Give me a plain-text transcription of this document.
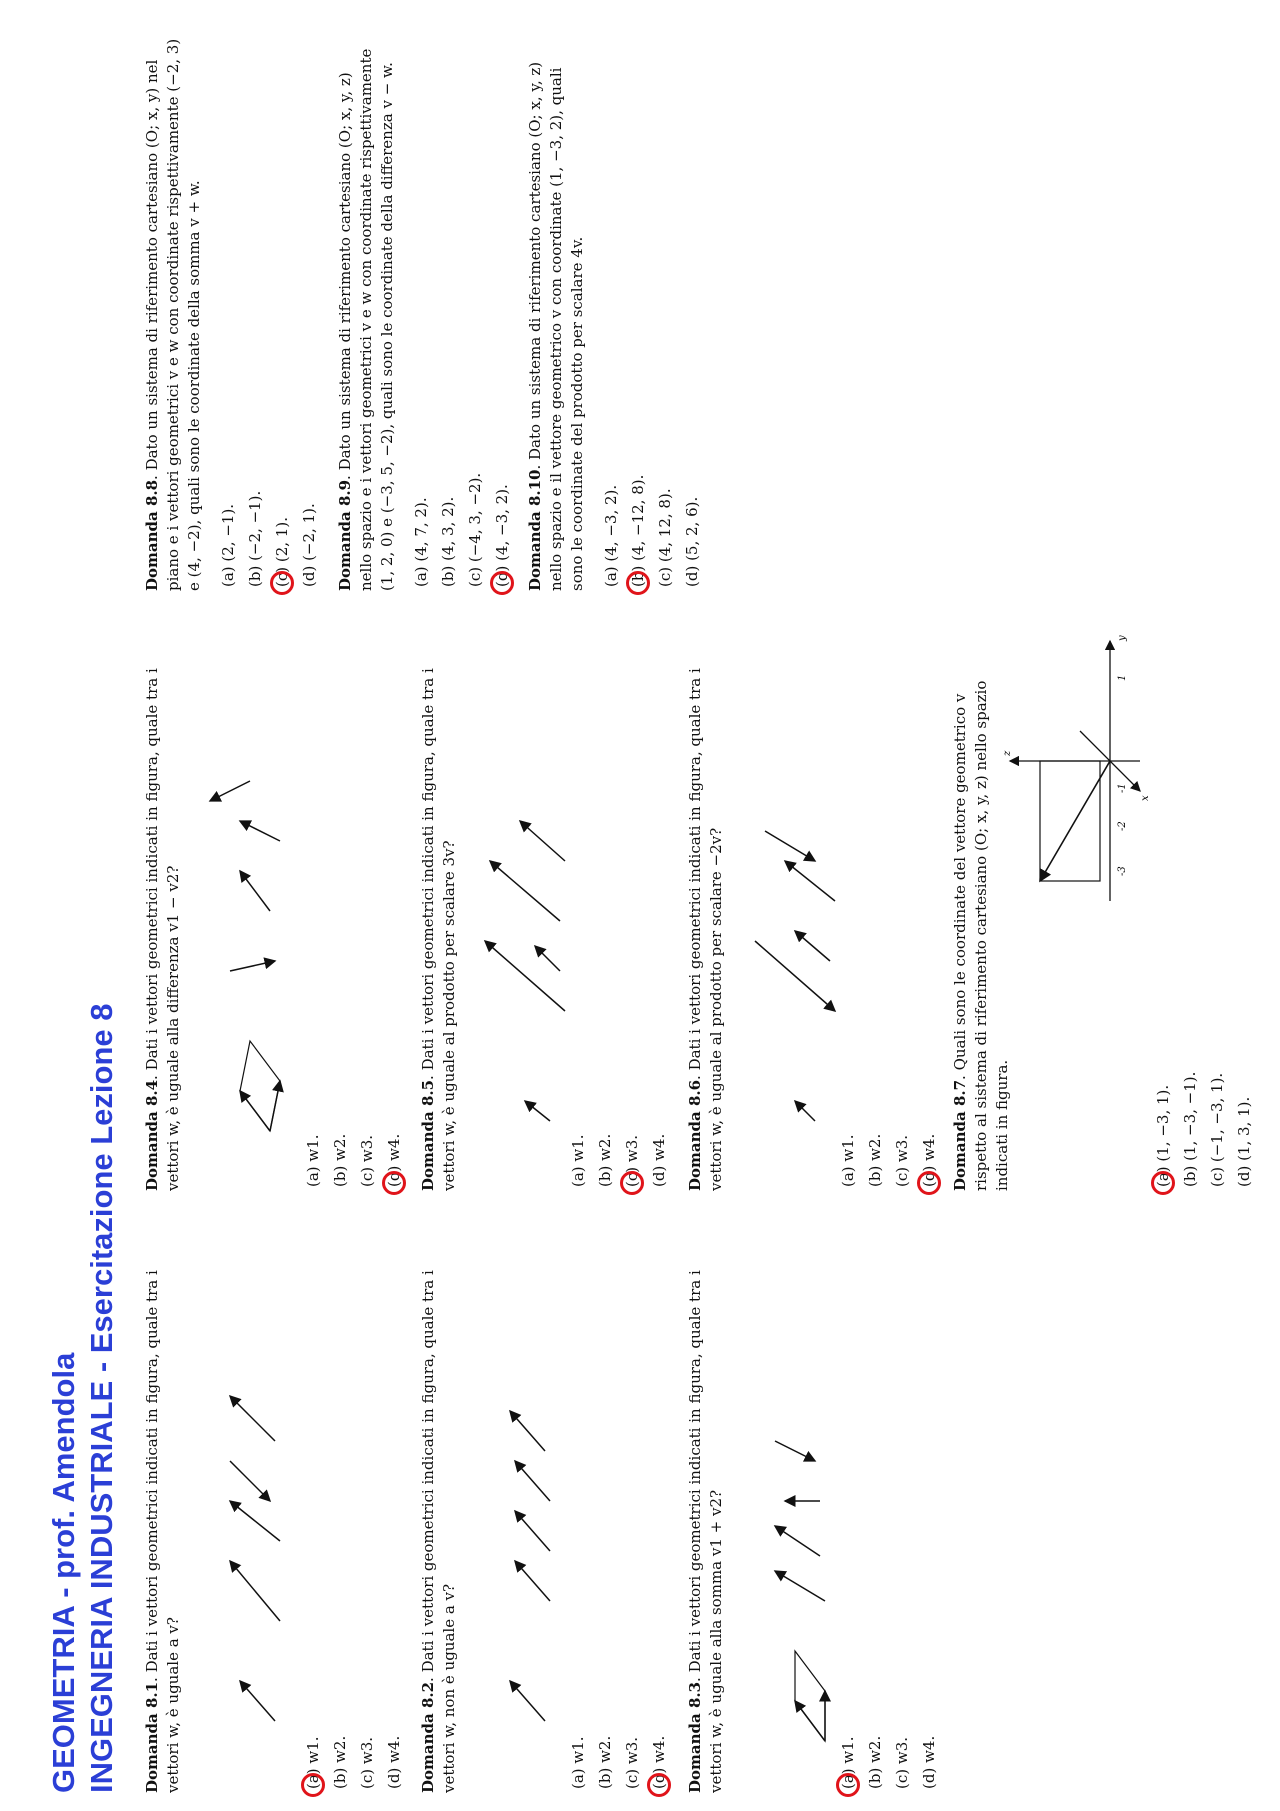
GEOMETRIA - prof. Amendola INGEGNERIA INDUSTRIALE - Esercitazione Lezione 8 Domanda 8.1. Dati i vettori geometrici indicati in figura, quale tra i vettori w, è uguale a v?	(a) w1. (b) w2. (c) w3. (d) w4.	Domanda 8.2. Dati i vettori geometrici indicati in figura, quale tra i vettori w, non è uguale a v?	(a) w1. (b) w2. (c) w3. (d) w4.	Domanda 8.3. Dati i vettori geometrici indicati in figura, quale tra i vettori w, è uguale alla somma v1 + v2?	(a) w1. (b) w2. (c) w3. (d) w4.

Domanda 8.4. Dati i vettori geometrici indicati in figura, quale tra i vettori w, è uguale alla differenza v1 − v2?	(a) w1. (b) w2. (c) w3. (d) w4.	Domanda 8.5. Dati i vettori geometrici indicati in figura, quale tra i vettori w, è uguale al prodotto per scalare 3v?	(a) w1. (b) w2. (c) w3. (d) w4.	Domanda 8.6. Dati i vettori geometrici indicati in figura, quale tra i vettori w, è uguale al prodotto per scalare −2v?	(a) w1. (b) w2. (c) w3. (d) w4. Domanda 8.7. Quali sono le coordinate del vettore geometrico v rispetto al sistema di riferimento cartesiano (O; x, y, z) nello spazio indicati in figura.

y
z
x
-1
-2
-3
1
(a) (1, −3, 1). (b) (1, −3, −1). (c) (−1, −3, 1). (d) (1, 3, 1).

Domanda 8.8. Dato un sistema di riferimento cartesiano (O; x, y) nel piano e i vettori geometrici v e w con coordinate rispettivamente (−2, 3) e (4, −2), quali sono le coordinate della somma v + w. (a) (2, −1). (b) (−2, −1). (c) (2, 1). (d) (−2, 1).	Domanda 8.9. Dato un sistema di riferimento cartesiano (O; x, y, z) nello spazio e i vettori geometrici v e w con coordinate rispettivamente (1, 2, 0) e (−3, 5, −2), quali sono le coordinate della differenza v − w. (a) (4, 7, 2). (b) (4, 3, 2). (c) (−4, 3, −2). (d) (4, −3, 2).	Domanda 8.10. Dato un sistema di riferimento cartesiano (O; x, y, z) nello spazio e il vettore geometrico v con coordinate (1, −3, 2), quali sono le coordinate del prodotto per scalare 4v. (a) (4, −3, 2). (b) (4, −12, 8). (c) (4, 12, 8). (d) (5, 2, 6).
